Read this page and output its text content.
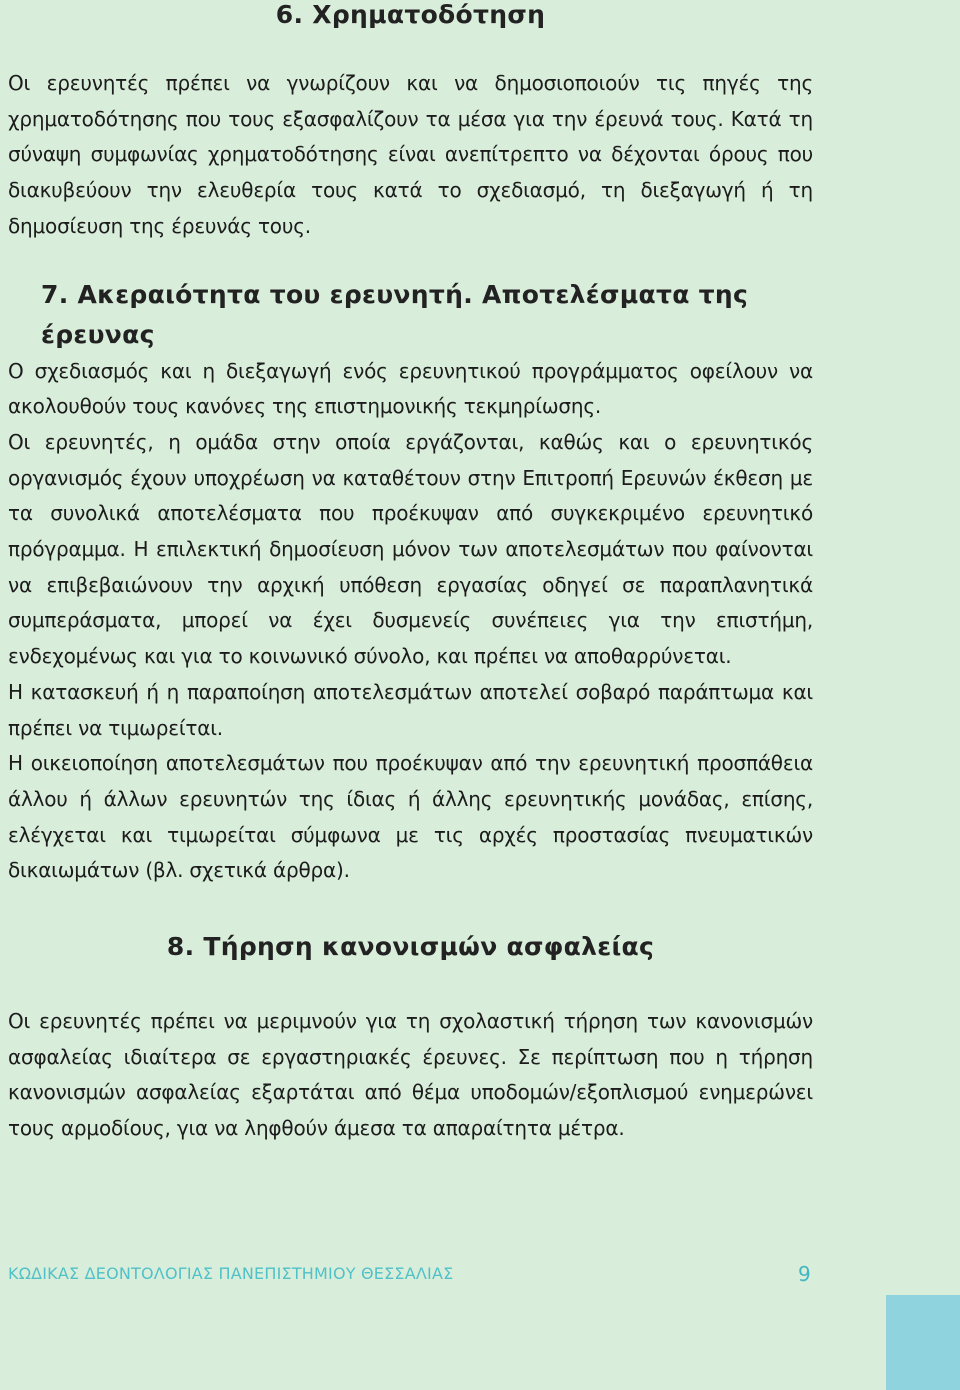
6. Χρηματοδότηση

Οι ερευνητές πρέπει να γνωρίζουν και να δημοσιοποιούν τις πηγές της χρηματοδότησης που τους εξασφαλίζουν τα μέσα για την έρευνά τους. Κατά τη σύναψη συμφωνίας χρηματοδότησης είναι ανεπίτρεπτο να δέχονται όρους που διακυβεύουν την ελευθερία τους κατά το σχεδιασμό, τη διεξαγωγή ή τη δημοσίευση της έρευνάς τους.

7. Ακεραιότητα του ερευνητή. Αποτελέσματα της έρευνας

Ο σχεδιασμός και η διεξαγωγή ενός ερευνητικού προγράμματος οφείλουν να ακολουθούν τους κανόνες της επιστημονικής τεκμηρίωσης.

Οι ερευνητές, η ομάδα στην οποία εργάζονται, καθώς και ο ερευνητικός οργανισμός έχουν υποχρέωση να καταθέτουν στην Επιτροπή Ερευνών έκθεση με τα συνολικά αποτελέσματα που προέκυψαν από συγκεκριμένο ερευνητικό πρόγραμμα. Η επιλεκτική δημοσίευση μόνον των αποτελεσμάτων που φαίνονται να επιβεβαιώνουν την αρχική υπόθεση εργασίας οδηγεί σε παραπλανητικά συμπεράσματα, μπορεί να έχει δυσμενείς συνέπειες για την επιστήμη, ενδεχομένως και για το κοινωνικό σύνολο, και πρέπει να αποθαρρύνεται.

Η κατασκευή ή η παραποίηση αποτελεσμάτων αποτελεί σοβαρό παράπτωμα και πρέπει να τιμωρείται.

Η οικειοποίηση αποτελεσμάτων που προέκυψαν από την ερευνητική προσπάθεια άλλου ή άλλων ερευνητών της ίδιας ή άλλης ερευνητικής μονάδας, επίσης, ελέγχεται και τιμωρείται σύμφωνα με τις αρχές προστασίας πνευματικών δικαιωμάτων (βλ. σχετικά άρθρα).

8. Τήρηση κανονισμών ασφαλείας

Οι ερευνητές πρέπει να μεριμνούν για τη σχολαστική τήρηση των κανονισμών ασφαλείας ιδιαίτερα σε εργαστηριακές έρευνες. Σε περίπτωση που η τήρηση κανονισμών ασφαλείας εξαρτάται από θέμα υποδομών/εξοπλισμού ενημερώνει τους αρμοδίους, για να ληφθούν άμεσα τα απαραίτητα μέτρα.

ΚΩΔΙΚΑΣ ΔΕΟΝΤΟΛΟΓΙΑΣ ΠΑΝΕΠΙΣΤΗΜΙΟΥ ΘΕΣΣΑΛΙΑΣ	9
